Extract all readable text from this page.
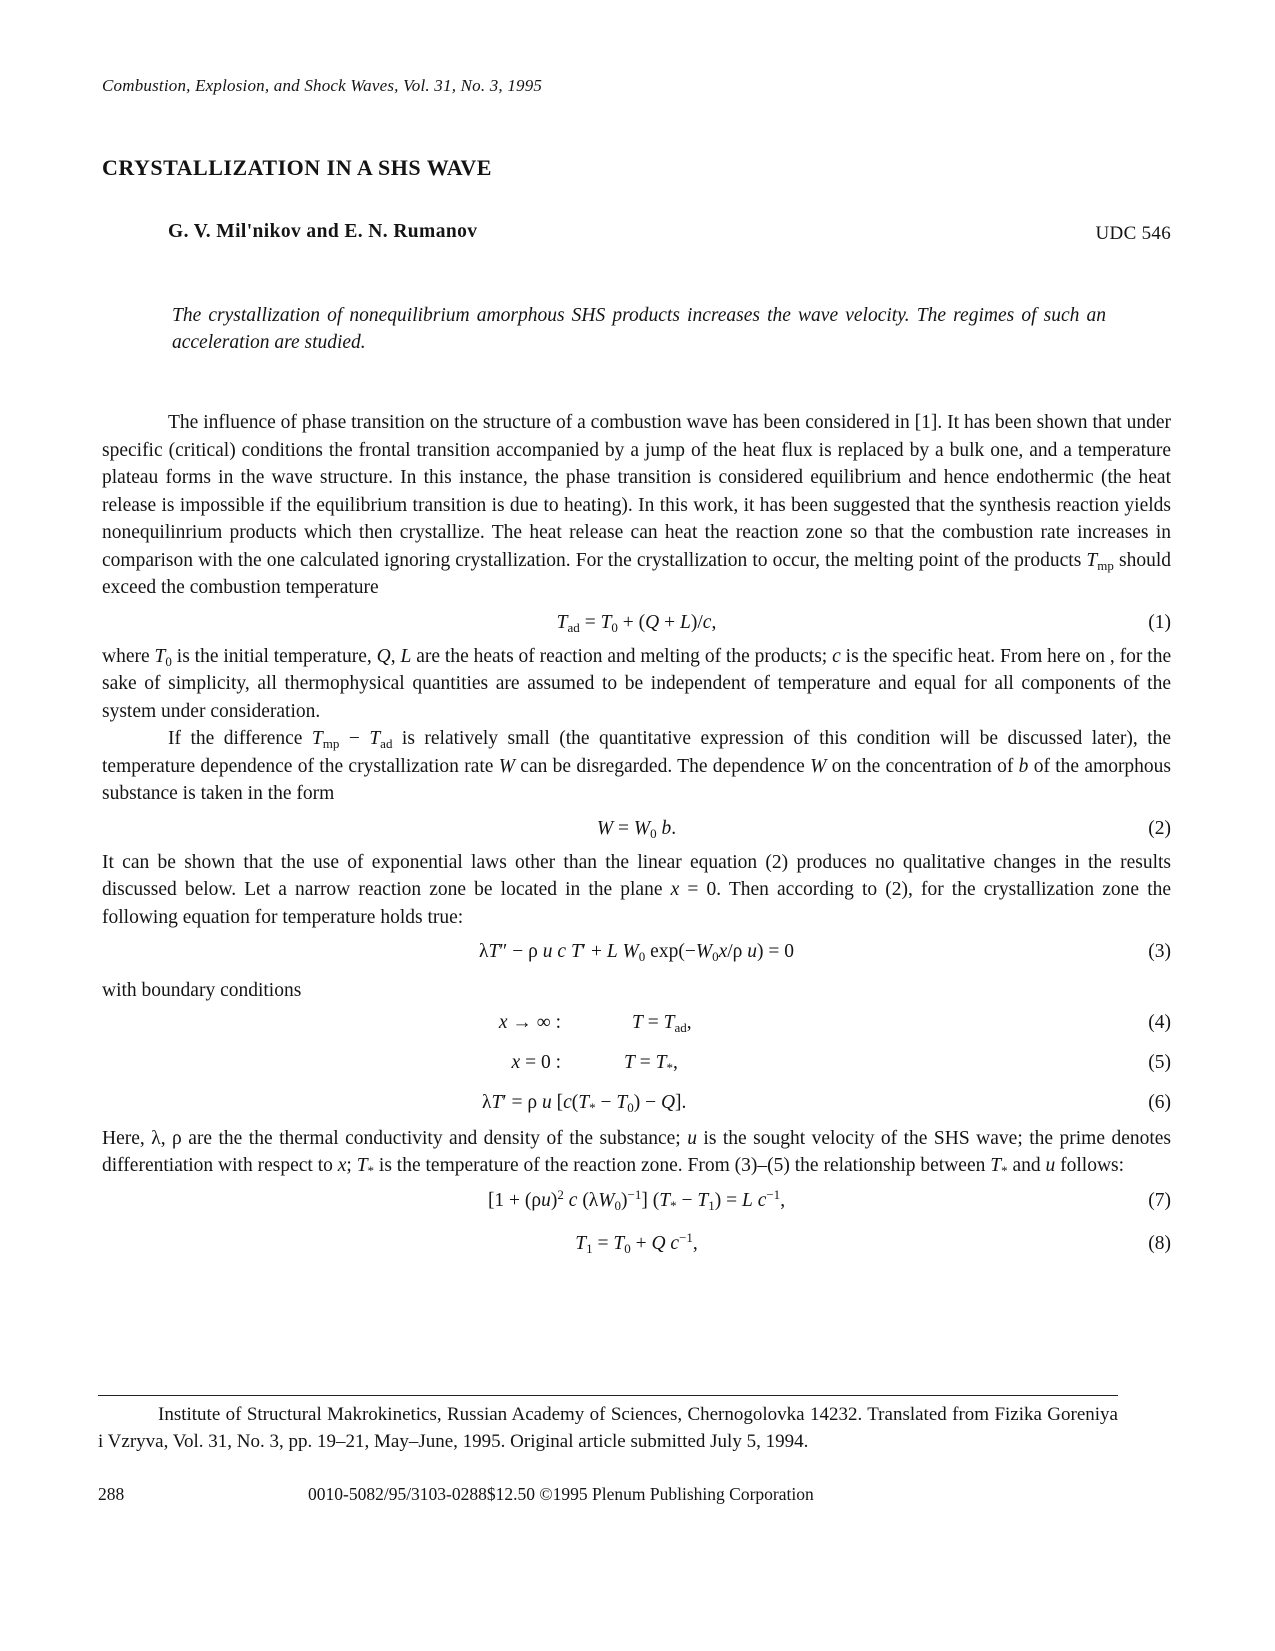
Combustion, Explosion, and Shock Waves, Vol. 31, No. 3, 1995
CRYSTALLIZATION IN A SHS WAVE
G. V. Mil'nikov and E. N. Rumanov	UDC 546
The crystallization of nonequilibrium amorphous SHS products increases the wave velocity. The regimes of such an acceleration are studied.

The influence of phase transition on the structure of a combustion wave has been considered in [1]. It has been shown that under specific (critical) conditions the frontal transition accompanied by a jump of the heat flux is replaced by a bulk one, and a temperature plateau forms in the wave structure. In this instance, the phase transition is considered equilibrium and hence endothermic (the heat release is impossible if the equilibrium transition is due to heating). In this work, it has been suggested that the synthesis reaction yields nonequilinrium products which then crystallize. The heat release can heat the reaction zone so that the combustion rate increases in comparison with the one calculated ignoring crystallization. For the crystallization to occur, the melting point of the products $T_{mp}$ should exceed the combustion temperature

$T_{ad} = T_0 + (Q + L)/c$,	(1)

where $T_0$ is the initial temperature, Q, L are the heats of reaction and melting of the products; c is the specific heat. From here on , for the sake of simplicity, all thermophysical quantities are assumed to be independent of temperature and equal for all components of the system under consideration.

If the difference $T_{mp} - T_{ad}$ is relatively small (the quantitative expression of this condition will be discussed later), the temperature dependence of the crystallization rate W can be disregarded. The dependence W on the concentration of b of the amorphous substance is taken in the form

$W = W_0$ b.	(2)

It can be shown that the use of exponential laws other than the linear equation (2) produces no qualitative changes in the results discussed below. Let a narrow reaction zone be located in the plane x = 0. Then according to (2), for the crystallization zone the following equation for temperature holds true:

λT″ − ρ u c T′ + L $W_0$ $\exp(-W_0x/\rho$ u) = 0	(3)

with boundary conditions

x → ∞ :	$T = T_{ad}$,	(4)
x = 0 :	$T = T_*$,	(5)
λT′ = ρ u $[c(T_* - T_0) - Q]$.	(6)

Here, λ, ρ are the the thermal conductivity and density of the substance; u is the sought velocity of the SHS wave; the prime denotes differentiation with respect to x; $T_*$ is the temperature of the reaction zone. From (3)–(5) the relationship between $T_*$ and u follows:

[$1 + (\rho u)^2$ c $(\lambda W_0)^{-1}$] $(T_* - T_1) = L$ $c^{-1}$,	(7)
$T_1 = T_0 + Q$ $c^{-1}$,	(8)
Institute of Structural Makrokinetics, Russian Academy of Sciences, Chernogolovka 14232. Translated from Fizika Goreniya i Vzryva, Vol. 31, No. 3, pp. 19–21, May–June, 1995. Original article submitted July 5, 1994.
288	0010-5082/95/3103-0288$12.50 ©1995 Plenum Publishing Corporation
